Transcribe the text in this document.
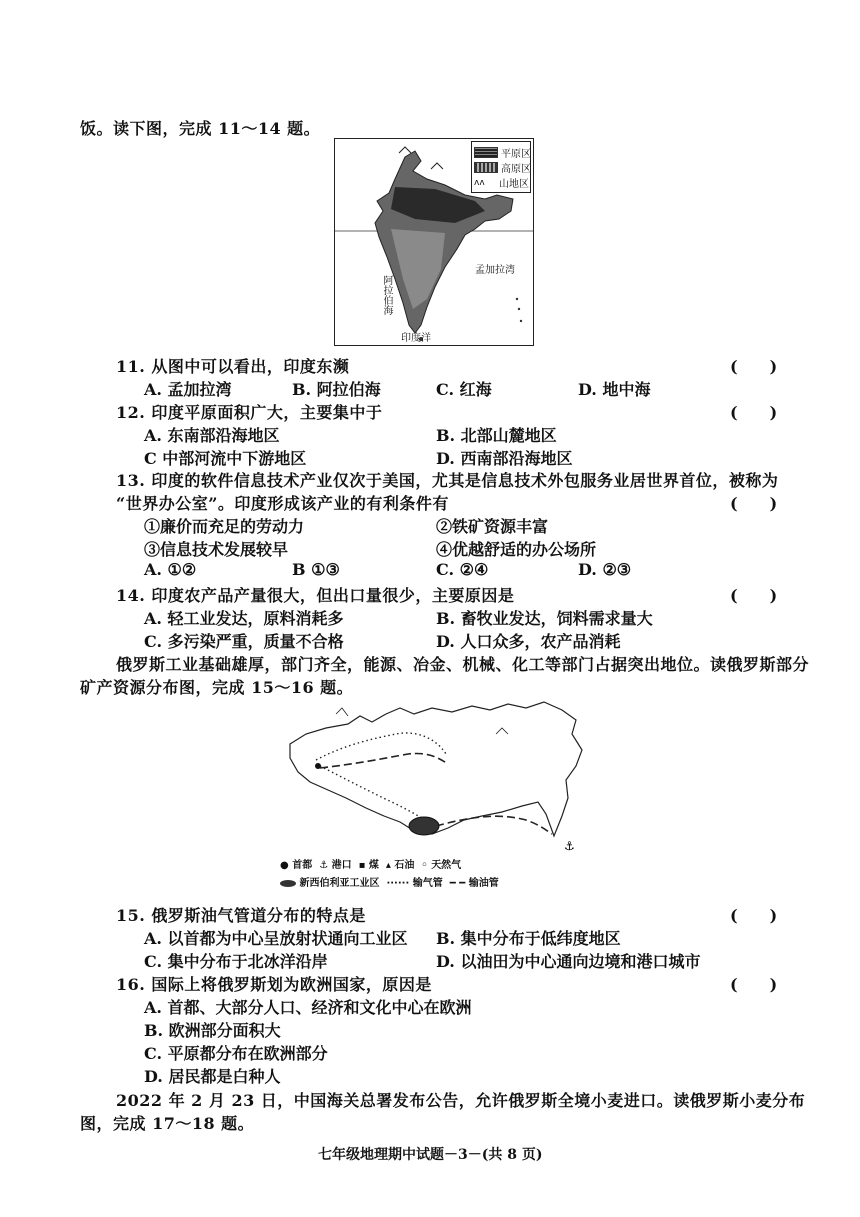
饭。读下图，完成 11～14 题。
平原区
高原区
ʌʌ	山地区
孟加拉湾
阿拉伯海
印度洋
11. 从图中可以看出，印度东濒	(　　)
A. 孟加拉湾	B. 阿拉伯海	C. 红海	D. 地中海
12. 印度平原面积广大，主要集中于	(　　)
A. 东南部沿海地区	B. 北部山麓地区
C 中部河流中下游地区	D. 西南部沿海地区
13. 印度的软件信息技术产业仅次于美国，尤其是信息技术外包服务业居世界首位，被称为
“世界办公室”。印度形成该产业的有利条件有	(　　)
①廉价而充足的劳动力	②铁矿资源丰富
③信息技术发展较早	④优越舒适的办公场所
A. ①②	B ①③	C. ②④	D. ②③
14. 印度农产品产量很大，但出口量很少，主要原因是	(　　)
A. 轻工业发达，原料消耗多	B. 畜牧业发达，饲料需求量大
C. 多污染严重，质量不合格	D. 人口众多，农产品消耗
俄罗斯工业基础雄厚，部门齐全，能源、冶金、机械、化工等部门占据突出地位。读俄罗斯部分
矿产资源分布图，完成 15～16 题。
⚓
● 首都  ⚓ 港口  ▪ 煤  ▴ 石油  ◦ 天然气
新西伯利亚工业区 ······ 输气管 ━ ━ 输油管
15. 俄罗斯油气管道分布的特点是	(　　)
A. 以首都为中心呈放射状通向工业区 B. 集中分布于低纬度地区
C. 集中分布于北冰洋沿岸	D. 以油田为中心通向边境和港口城市
16. 国际上将俄罗斯划为欧洲国家，原因是	(　　)
A. 首都、大部分人口、经济和文化中心在欧洲
B. 欧洲部分面积大
C. 平原都分布在欧洲部分
D. 居民都是白种人
2022 年 2 月 23 日，中国海关总署发布公告，允许俄罗斯全境小麦进口。读俄罗斯小麦分布
图，完成 17～18 题。
七年级地理期中试题－3－(共 8 页)
